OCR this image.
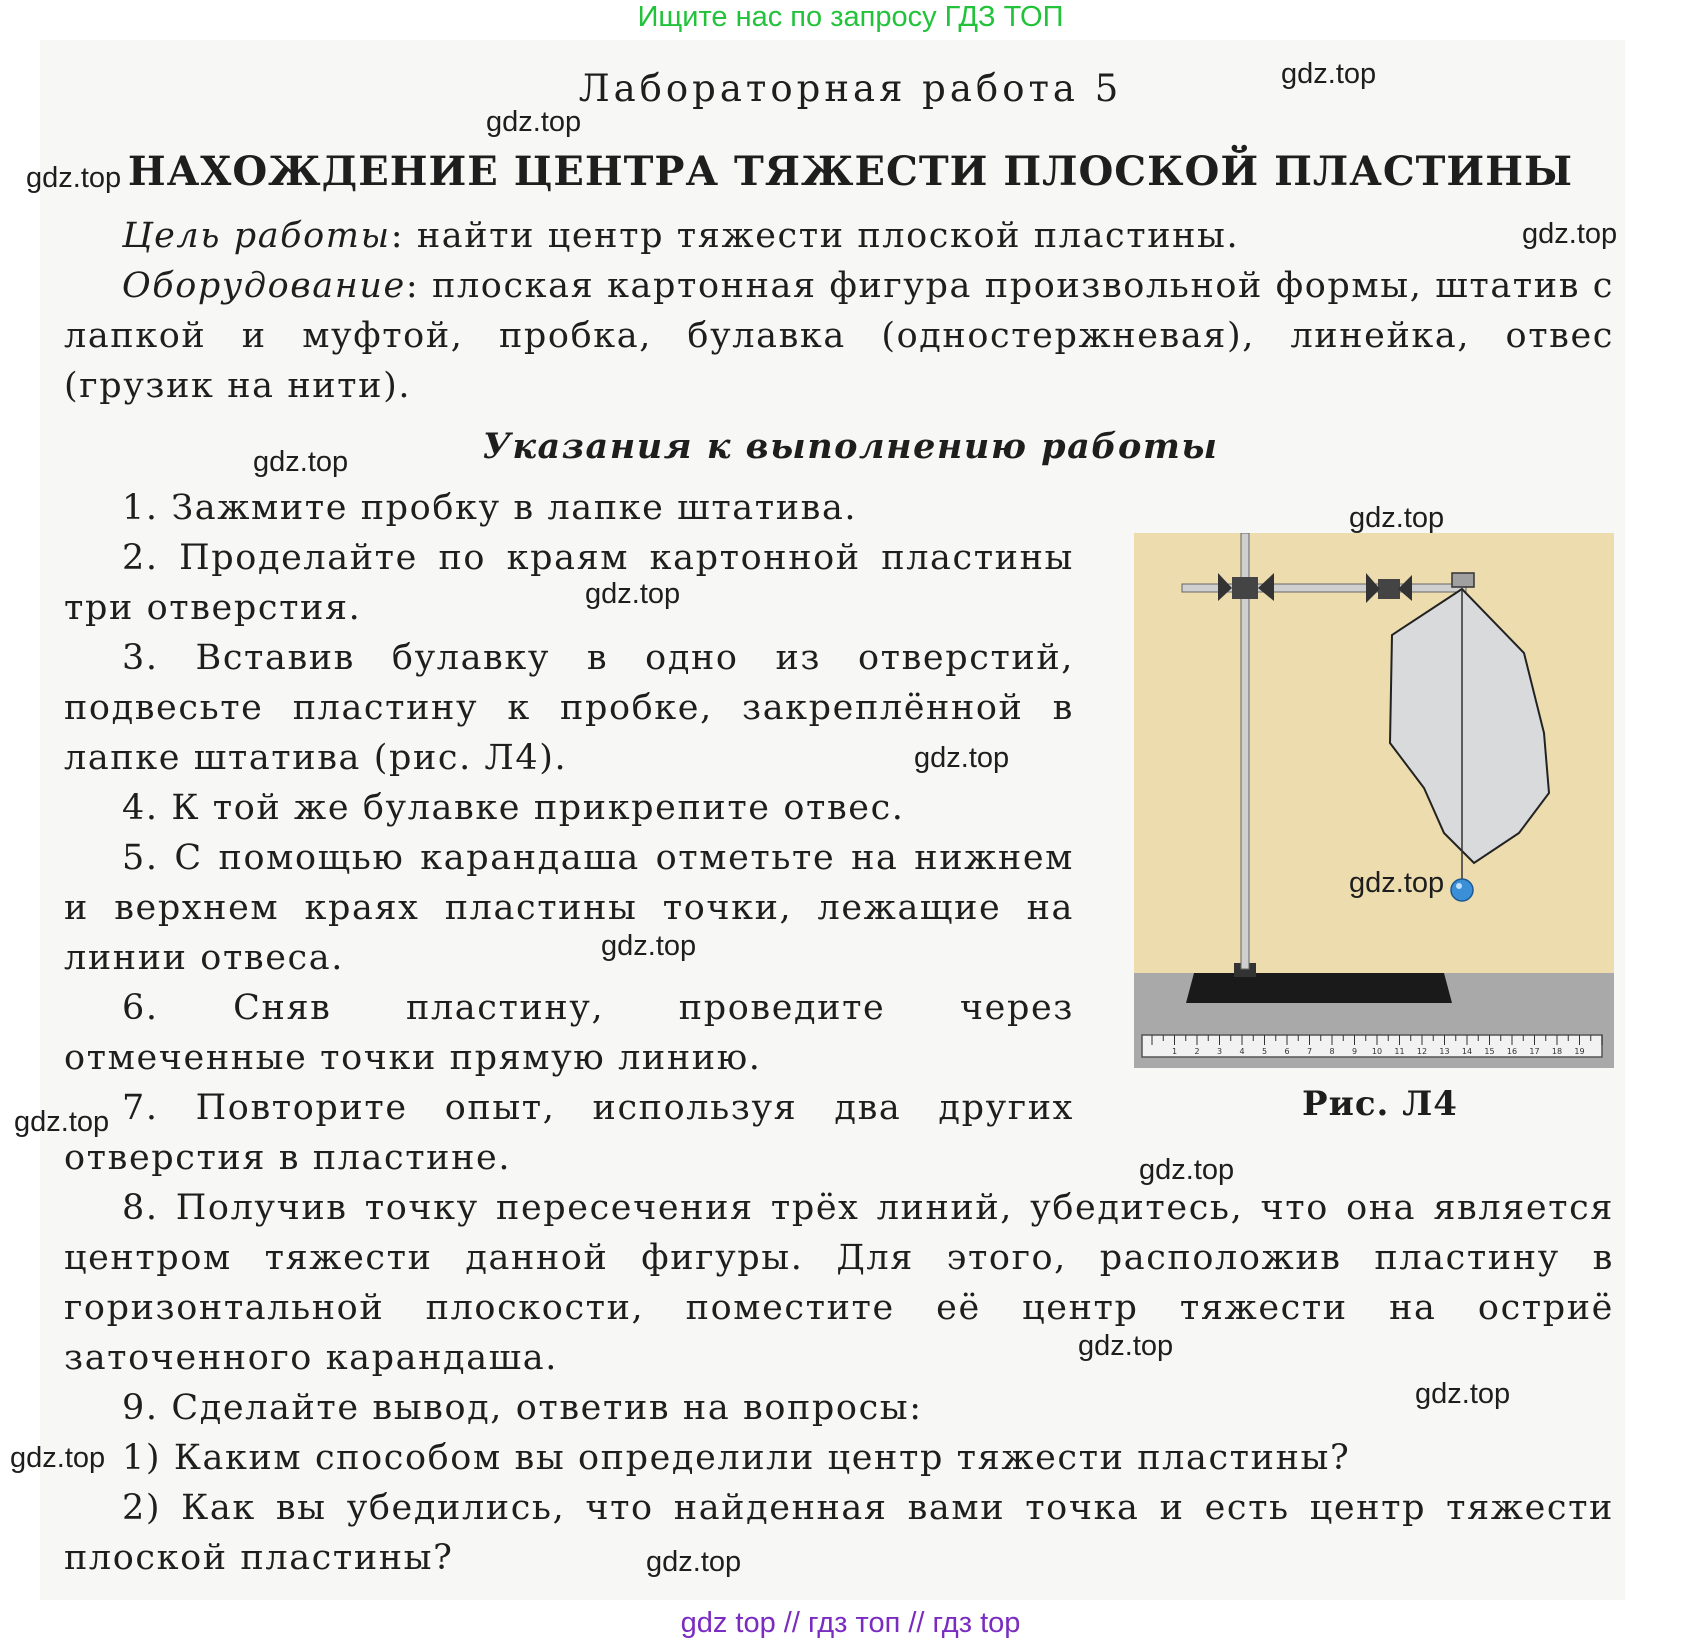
Ищите нас по запросу ГДЗ ТОП
Лабораторная работа 5
НАХОЖДЕНИЕ ЦЕНТРА ТЯЖЕСТИ ПЛОСКОЙ ПЛАСТИНЫ
Цель работы: найти центр тяжести плоской пластины.
Оборудование: плоская картонная фигура произвольной формы, штатив с лапкой и муфтой, пробка, булавка (одностержневая), линейка, отвес (грузик на нити).
Указания к выполнению работы
1. Зажмите пробку в лапке штатива.
2. Проделайте по краям картонной пластины три отверстия.
3. Вставив булавку в одно из отверстий, подвесьте пластину к пробке, закреплённой в лапке штатива (рис. Л4).
4. К той же булавке прикрепите отвес.
5. С помощью карандаша отметьте на нижнем и верхнем краях пластины точки, лежащие на линии отвеса.
6. Сняв пластину, проведите через отмеченные точки прямую линию.
7. Повторите опыт, используя два других отверстия в пластине.
8. Получив точку пересечения трёх линий, убедитесь, что она является центром тяжести данной фигуры. Для этого, расположив пластину в горизонтальной плоскости, поместите её центр тяжести на остриё заточенного карандаша.
9. Сделайте вывод, ответив на вопросы:
1) Каким способом вы определили центр тяжести пластины?
2) Как вы убедились, что найденная вами точка и есть центр тяжести плоской пластины?
1 2 3 4 5 6 7 8 9 10 11 12 13 14 15 16 17 18 19
Рис. Л4
gdz.top
gdz.top
gdz.top
gdz.top
gdz.top
gdz.top
gdz.top
gdz.top
gdz.top
gdz.top
gdz.top
gdz.top
gdz.top
gdz.top
gdz.top
gdz.top
gdz top // гдз топ // гдз top
